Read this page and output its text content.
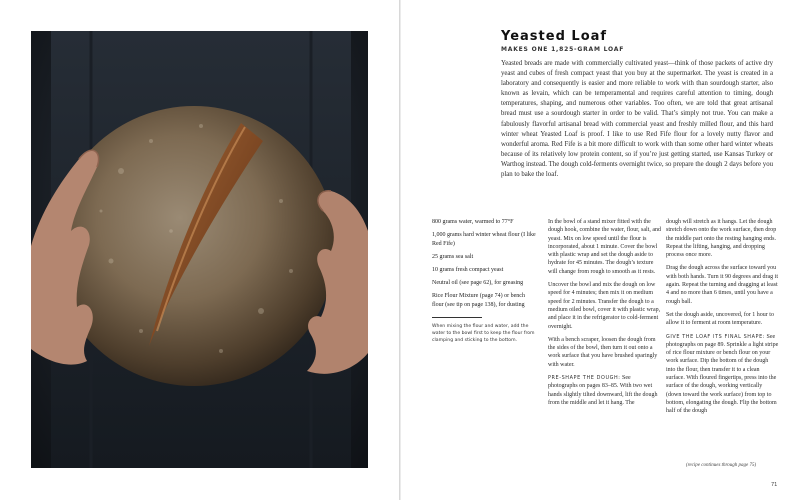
Yeasted Loaf
MAKES ONE 1,825-GRAM LOAF

Yeasted breads are made with commercially cultivated yeast—think of those packets of active dry yeast and cubes of fresh compact yeast that you buy at the supermarket. The yeast is created in a laboratory and consequently is easier and more reliable to work with than sourdough starter, also known as levain, which can be temperamental and requires careful attention to timing, dough temperatures, shaping, and numerous other variables. Too often, we are told that great artisanal bread must use a sourdough starter in order to be valid. That’s simply not true. You can make a fabulously flavorful artisanal bread with commercial yeast and freshly milled flour, and this hard winter wheat Yeasted Loaf is proof. I like to use Red Fife flour for a lovely nutty flavor and wonderful aroma. Red Fife is a bit more difficult to work with than some other hard winter wheats because of its relatively low protein content, so if you’re just getting started, use Kansas Turkey or Warthog instead. The dough cold-ferments overnight twice, so prepare the dough 2 days before you plan to bake the loaf.

800 grams water, warmed to 77°F

1,000 grams hard winter wheat flour (I like Red Fife)

25 grams sea salt

10 grams fresh compact yeast

Neutral oil (see page 62), for greasing

Rice Flour Mixture (page 74) or bench flour (see tip on page 138), for dusting

When mixing the flour and water, add the water to the bowl first to keep the flour from clamping and sticking to the bottom.

In the bowl of a stand mixer fitted with the dough hook, combine the water, flour, salt, and yeast. Mix on low speed until the flour is incorporated, about 1 minute. Cover the bowl with plastic wrap and set the dough aside to hydrate for 45 minutes. The dough’s texture will change from rough to smooth as it rests.

Uncover the bowl and mix the dough on low speed for 4 minutes; then mix it on medium speed for 2 minutes. Transfer the dough to a medium oiled bowl, cover it with plastic wrap, and place it in the refrigerator to cold-ferment overnight.

With a bench scraper, loosen the dough from the sides of the bowl, then turn it out onto a work surface that you have brushed sparingly with water.

PRE-SHAPE THE DOUGH: See photographs on pages 83–85. With two wet hands slightly tilted downward, lift the dough from the middle and let it hang. The

dough will stretch as it hangs. Let the dough stretch down onto the work surface, then drop the middle part onto the resting hanging ends. Repeat the lifting, hanging, and dropping process once more.

Drag the dough across the surface toward you with both hands. Turn it 90 degrees and drag it again. Repeat the turning and dragging at least 4 and no more than 6 times, until you have a rough ball.

Set the dough aside, uncovered, for 1 hour to allow it to ferment at room temperature.

GIVE THE LOAF ITS FINAL SHAPE: See photographs on page 89. Sprinkle a light stripe of rice flour mixture or bench flour on your work surface. Dip the bottom of the dough into the flour, then transfer it to a clean surface. With floured fingertips, press into the surface of the dough, working vertically (down toward the work surface) from top to bottom, elongating the dough. Flip the bottom half of the dough

(recipe continues through page 75)
71
